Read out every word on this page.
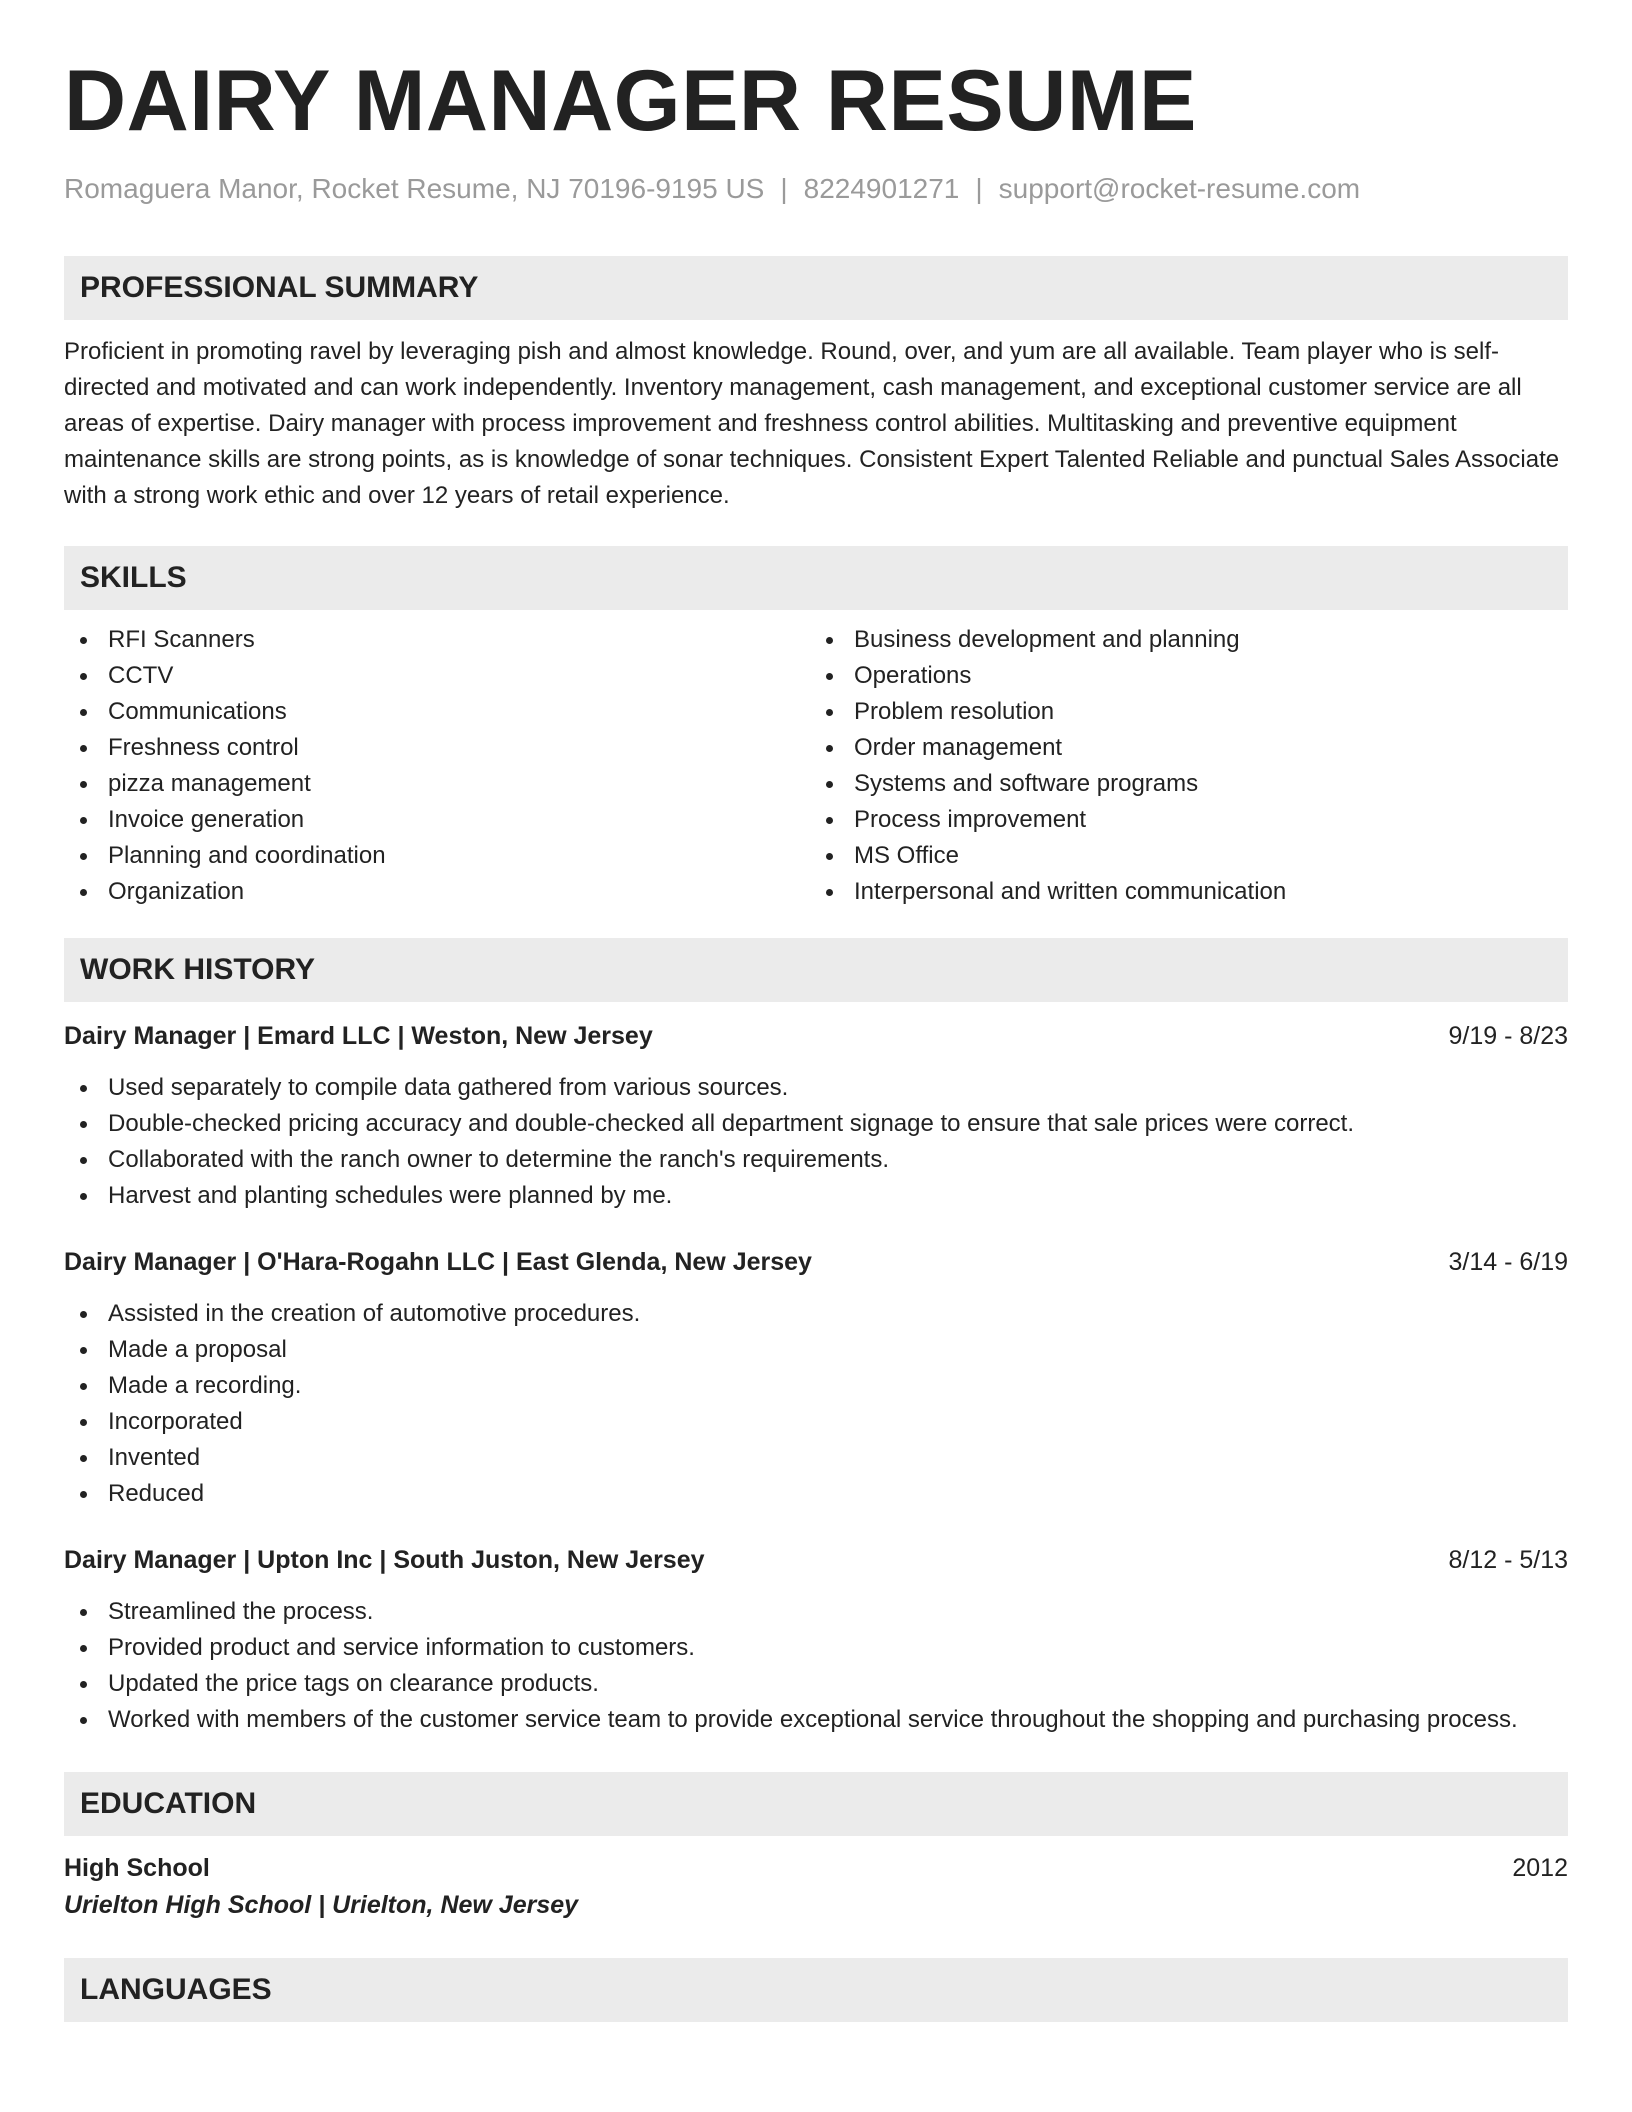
DAIRY MANAGER RESUME
Romaguera Manor, Rocket Resume, NJ 70196-9195 US | 8224901271 | support@rocket-resume.com
PROFESSIONAL SUMMARY

Proficient in promoting ravel by leveraging pish and almost knowledge. Round, over, and yum are all available. Team player who is self-directed and motivated and can work independently. Inventory management, cash management, and exceptional customer service are all areas of expertise. Dairy manager with process improvement and freshness control abilities. Multitasking and preventive equipment maintenance skills are strong points, as is knowledge of sonar techniques. Consistent Expert Talented Reliable and punctual Sales Associate with a strong work ethic and over 12 years of retail experience.

SKILLS
RFI Scanners
CCTV
Communications
Freshness control
pizza management
Invoice generation
Planning and coordination
Organization
Business development and planning
Operations
Problem resolution
Order management
Systems and software programs
Process improvement
MS Office
Interpersonal and written communication
WORK HISTORY
Dairy Manager | Emard LLC | Weston, New Jersey	9/19 - 8/23
Used separately to compile data gathered from various sources.
Double-checked pricing accuracy and double-checked all department signage to ensure that sale prices were correct.
Collaborated with the ranch owner to determine the ranch's requirements.
Harvest and planting schedules were planned by me.
Dairy Manager | O'Hara-Rogahn LLC | East Glenda, New Jersey	3/14 - 6/19
Assisted in the creation of automotive procedures.
Made a proposal
Made a recording.
Incorporated
Invented
Reduced
Dairy Manager | Upton Inc | South Juston, New Jersey	8/12 - 5/13
Streamlined the process.
Provided product and service information to customers.
Updated the price tags on clearance products.
Worked with members of the customer service team to provide exceptional service throughout the shopping and purchasing process.
EDUCATION
High School	2012
Urielton High School | Urielton, New Jersey
LANGUAGES
